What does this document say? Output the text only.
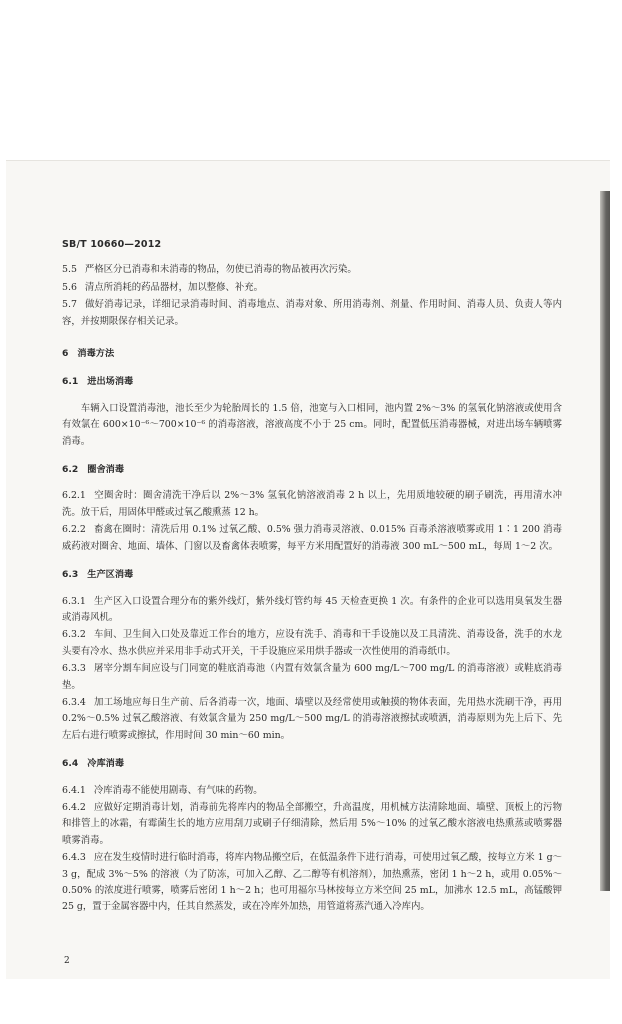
SB/T 10660—2012

5.5 严格区分已消毒和未消毒的物品，勿使已消毒的物品被再次污染。

5.6 清点所消耗的药品器材，加以整修、补充。

5.7 做好消毒记录，详细记录消毒时间、消毒地点、消毒对象、所用消毒剂、剂量、作用时间、消毒人员、负责人等内容，并按期限保存相关记录。

6 消毒方法
6.1 进出场消毒

车辆入口设置消毒池，池长至少为轮胎周长的 1.5 倍，池宽与入口相同，池内置 2%～3% 的氢氧化钠溶液或使用含有效氯在 600×10⁻⁶～700×10⁻⁶ 的消毒溶液，溶液高度不小于 25 cm。同时，配置低压消毒器械，对进出场车辆喷雾消毒。

6.2 圈舍消毒

6.2.1 空圈舍时：圈舍清洗干净后以 2%～3% 氢氧化钠溶液消毒 2 h 以上，先用质地较硬的刷子刷洗，再用清水冲洗。放干后，用固体甲醛或过氧乙酸熏蒸 12 h。

6.2.2 畜禽在圈时：清洗后用 0.1% 过氧乙酸、0.5% 强力消毒灵溶液、0.015% 百毒杀溶液喷雾或用 1∶1 200 消毒威药液对圈舍、地面、墙体、门窗以及畜禽体表喷雾，每平方米用配置好的消毒液 300 mL～500 mL，每周 1～2 次。

6.3 生产区消毒

6.3.1 生产区入口设置合理分布的紫外线灯，紫外线灯管约每 45 天检查更换 1 次。有条件的企业可以选用臭氧发生器或消毒风机。

6.3.2 车间、卫生间入口处及靠近工作台的地方，应设有洗手、消毒和干手设施以及工具清洗、消毒设备，洗手的水龙头要有冷水、热水供应并采用非手动式开关，干手设施应采用烘手器或一次性使用的消毒纸巾。

6.3.3 屠宰分割车间应设与门同宽的鞋底消毒池（内置有效氯含量为 600 mg/L～700 mg/L 的消毒溶液）或鞋底消毒垫。

6.3.4 加工场地应每日生产前、后各消毒一次，地面、墙壁以及经常使用或触摸的物体表面，先用热水洗刷干净，再用 0.2%～0.5% 过氧乙酸溶液、有效氯含量为 250 mg/L～500 mg/L 的消毒溶液擦拭或喷洒，消毒原则为先上后下、先左后右进行喷雾或擦拭，作用时间 30 min～60 min。

6.4 冷库消毒

6.4.1 冷库消毒不能使用剧毒、有气味的药物。

6.4.2 应做好定期消毒计划，消毒前先将库内的物品全部搬空，升高温度，用机械方法清除地面、墙壁、顶板上的污物和排管上的冰霜，有霉菌生长的地方应用刮刀或刷子仔细清除，然后用 5%～10% 的过氧乙酸水溶液电热熏蒸或喷雾器喷雾消毒。

6.4.3 应在发生疫情时进行临时消毒，将库内物品搬空后，在低温条件下进行消毒，可使用过氧乙酸，按每立方米 1 g～3 g，配成 3%～5% 的溶液（为了防冻，可加入乙醇、乙二醇等有机溶剂），加热熏蒸，密闭 1 h～2 h，或用 0.05%～0.50% 的浓度进行喷雾，喷雾后密闭 1 h～2 h；也可用福尔马林按每立方米空间 25 mL，加沸水 12.5 mL，高锰酸钾 25 g，置于金属容器中内，任其自然蒸发，或在冷库外加热，用管道将蒸汽通入冷库内。

2
